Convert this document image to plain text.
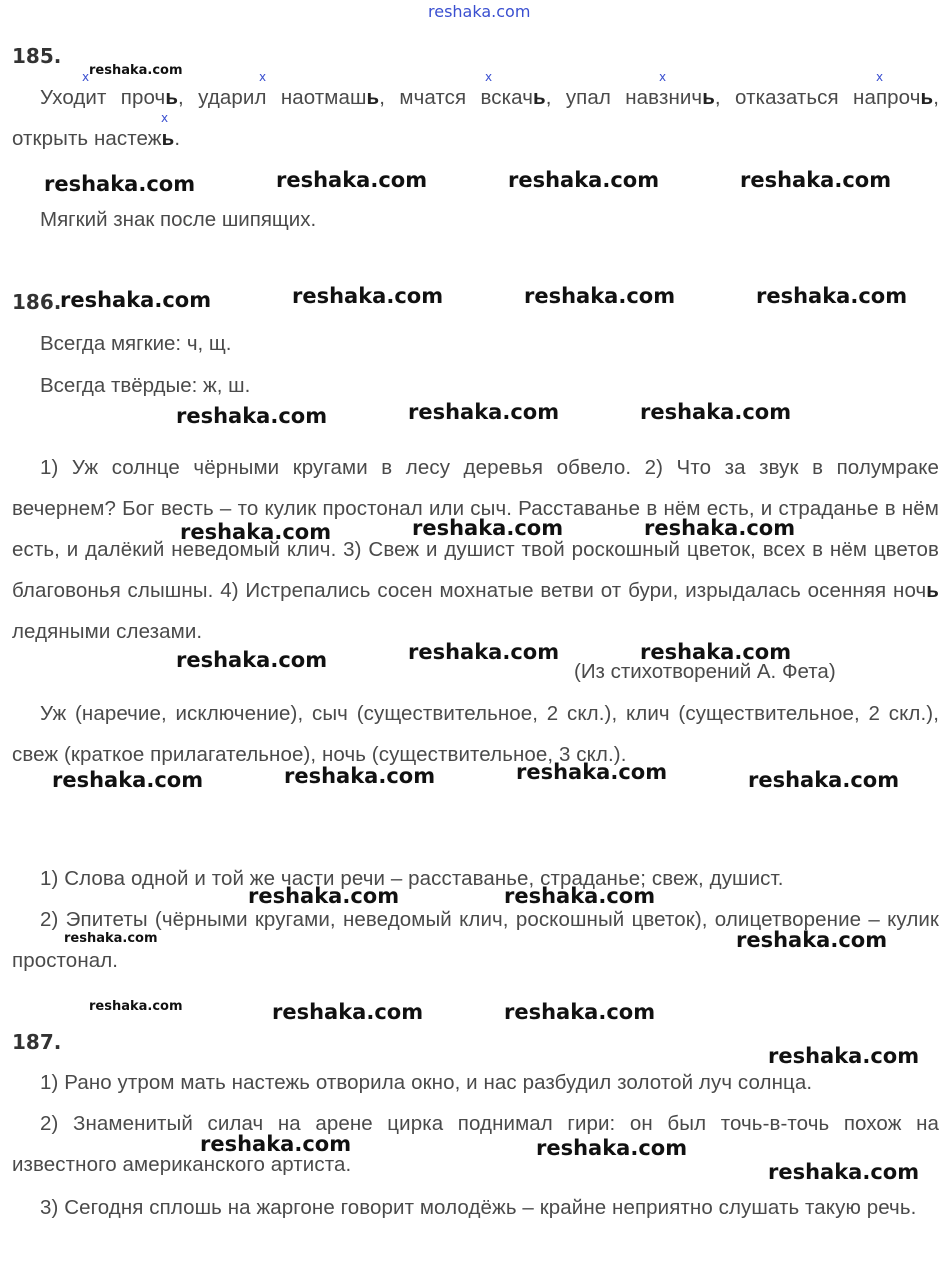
reshaka.com
185.
x	x	x	x	x
x

Уходит прочь, ударил наотмашь, мчатся вскачь, упал навзничь, отказаться напрочь, открыть настежь.

Мягкий знак после шипящих.

186.

Всегда мягкие: ч, щ.

Всегда твёрдые: ж, ш.

1) Уж солнце чёрными кругами в лесу деревья обвело. 2) Что за звук в полумраке вечернем? Бог весть – то кулик простонал или сыч. Расставанье в нём есть, и страданье в нём есть, и далёкий неведомый клич. 3) Свеж и душист твой роскошный цветок, всех в нём цветов благовонья слышны. 4) Истрепались сосен мохнатые ветви от бури, изрыдалась осенняя ночь ледяными слезами.

(Из стихотворений А. Фета)

Уж (наречие, исключение), сыч (существительное, 2 скл.), клич (существительное, 2 скл.), свеж (краткое прилагательное), ночь (существительное, 3 скл.).

1) Слова одной и той же части речи – расставанье, страданье; свеж, душист.

2) Эпитеты (чёрными кругами, неведомый клич, роскошный цветок), олицетворение – кулик простонал.

187.

1) Рано утром мать настежь отворила окно, и нас разбудил золотой луч солнца.

2) Знаменитый силач на арене цирка поднимал гири: он был точь-в-точь похож на известного американского артиста.

3) Сегодня сплошь на жаргоне говорит молодёжь – крайне неприятно слушать такую речь.

reshaka.com
reshaka.com	reshaka.com	reshaka.com	reshaka.com
reshaka.com	reshaka.com	reshaka.com	reshaka.com
reshaka.com	reshaka.com	reshaka.com
reshaka.com	reshaka.com	reshaka.com
reshaka.com	reshaka.com	reshaka.com
reshaka.com	reshaka.com	reshaka.com	reshaka.com
reshaka.com	reshaka.com
reshaka.com	reshaka.com
reshaka.com	reshaka.com	reshaka.com
reshaka.com
reshaka.com	reshaka.com
reshaka.com
